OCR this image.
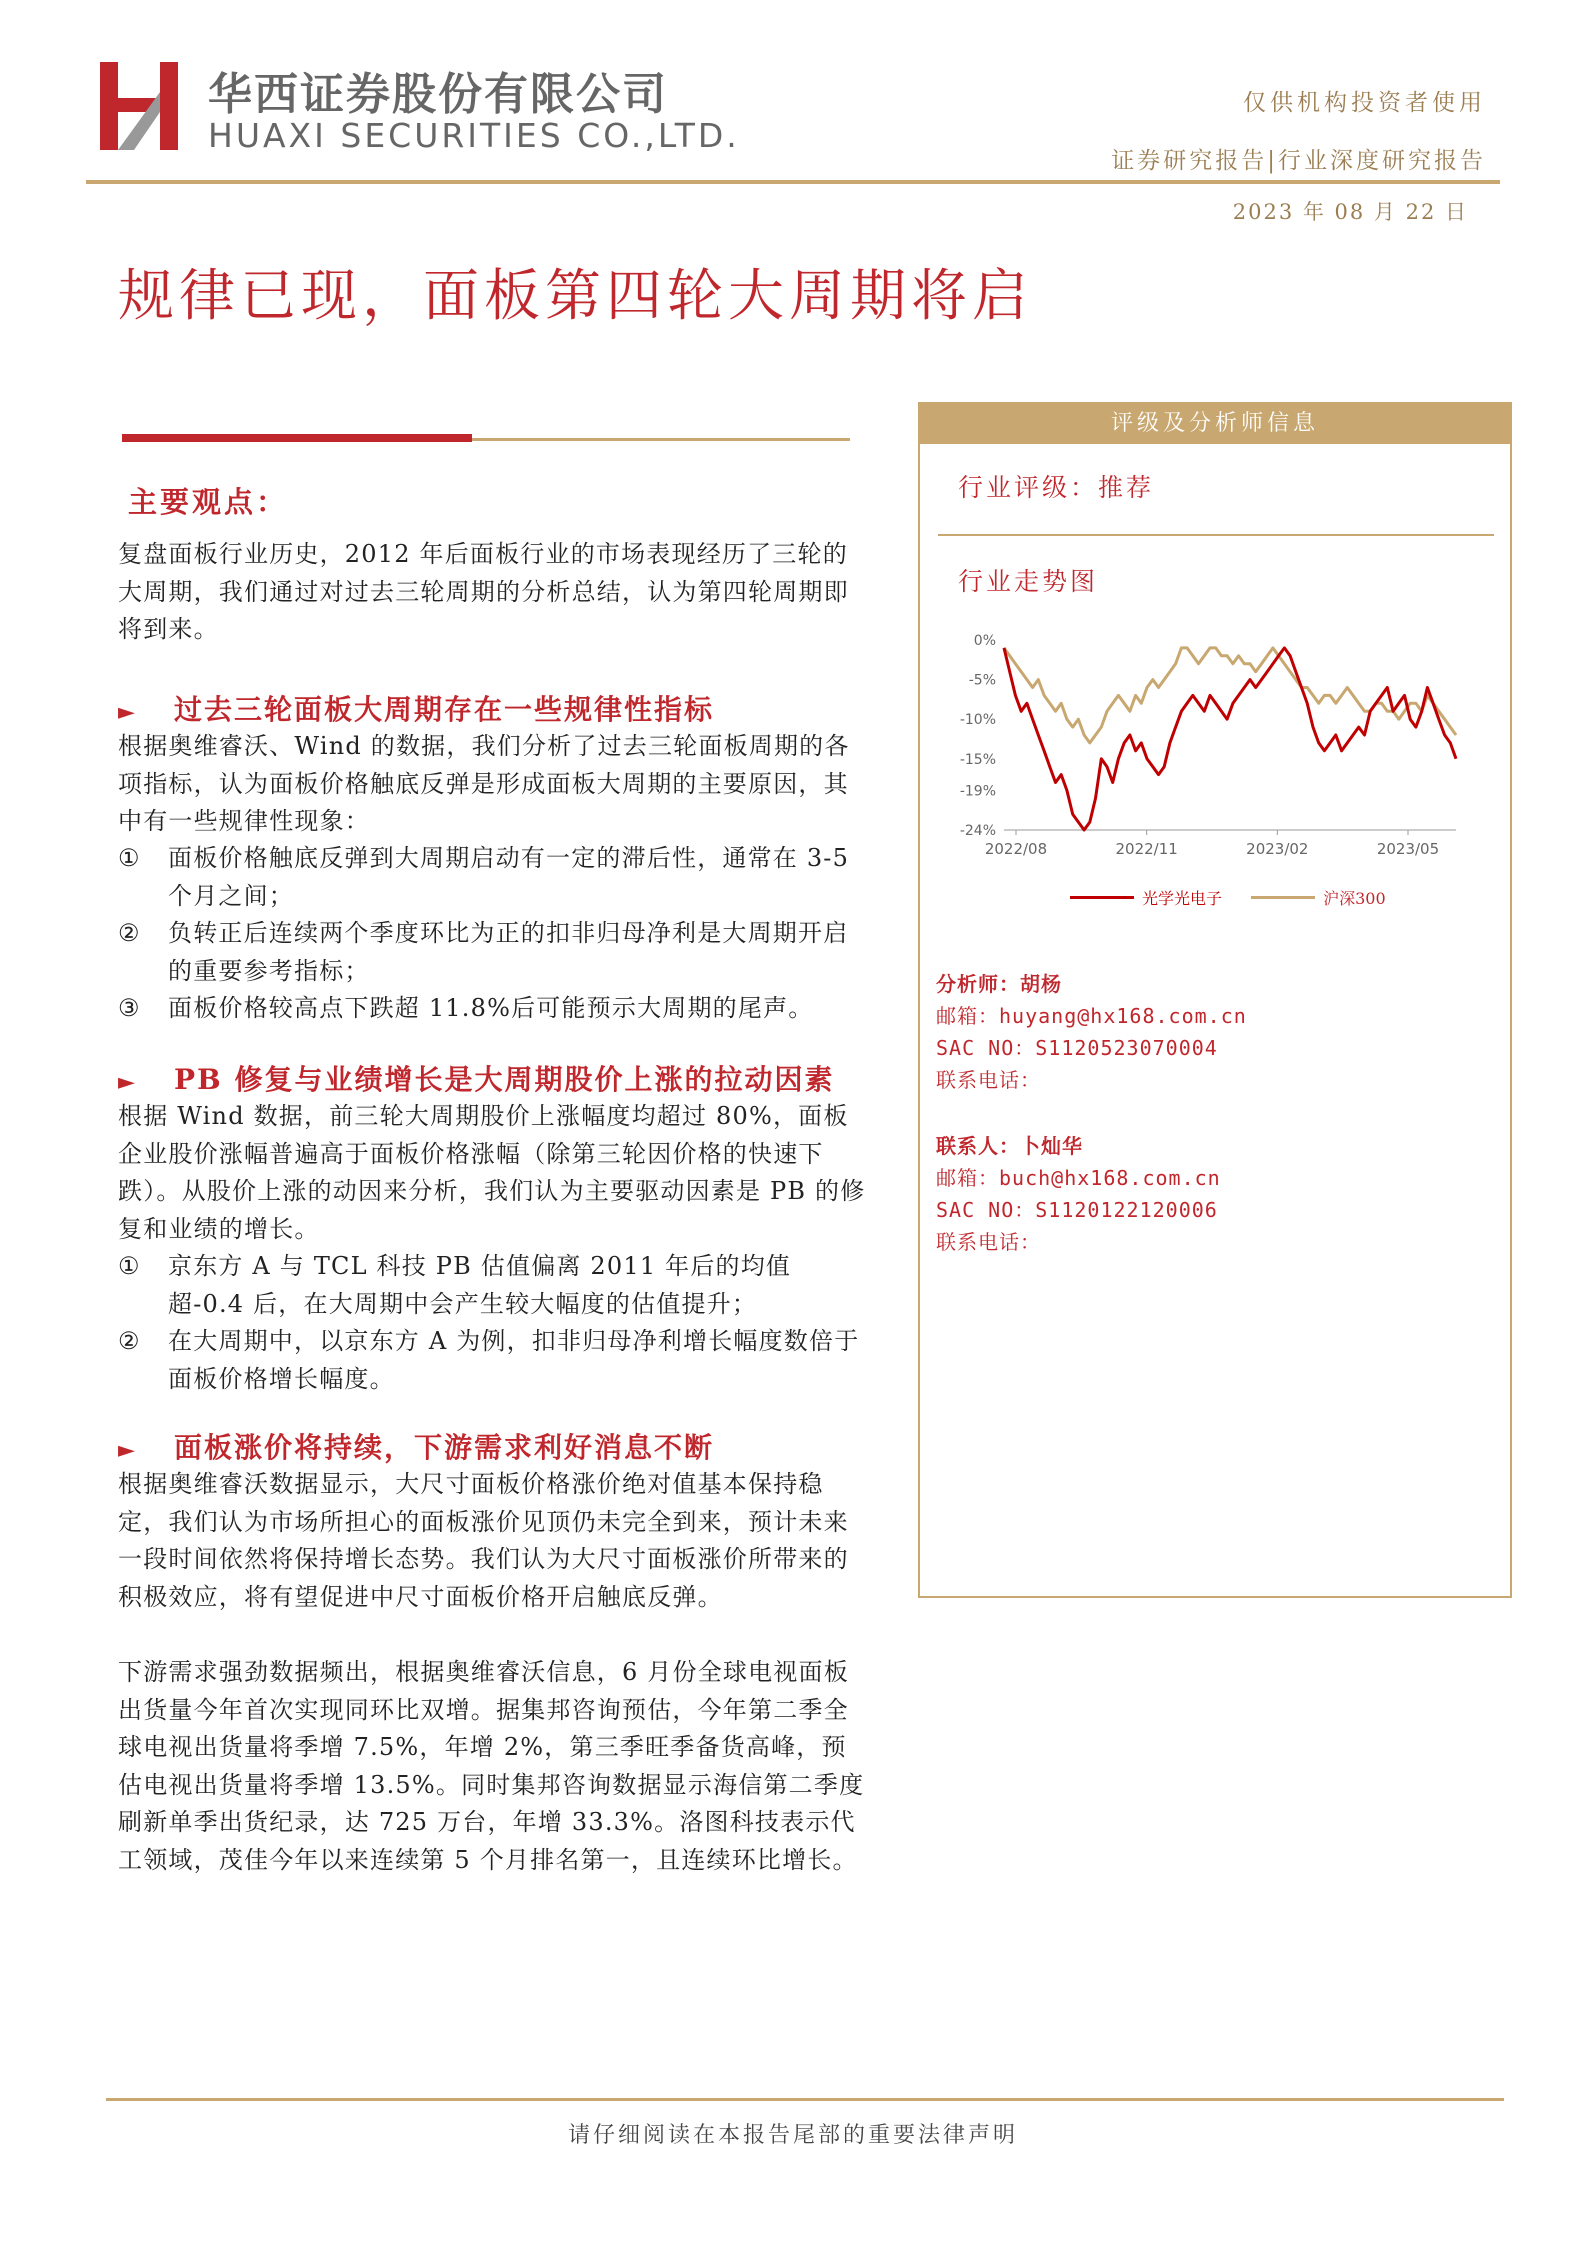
华西证券股份有限公司
HUAXI SECURITIES CO.,LTD.
仅供机构投资者使用
证券研究报告|行业深度研究报告
2023 年 08 月 22 日
规律已现，面板第四轮大周期将启
主要观点：
复盘面板行业历史，2012 年后面板行业的市场表现经历了三轮的大周期，我们通过对过去三轮周期的分析总结，认为第四轮周期即将到来。
► 过去三轮面板大周期存在一些规律性指标
根据奥维睿沃、Wind 的数据，我们分析了过去三轮面板周期的各项指标，认为面板价格触底反弹是形成面板大周期的主要原因，其中有一些规律性现象：
①	面板价格触底反弹到大周期启动有一定的滞后性，通常在 3-5 个月之间；
②	负转正后连续两个季度环比为正的扣非归母净利是大周期开启的重要参考指标；
③	面板价格较高点下跌超 11.8%后可能预示大周期的尾声。
► PB 修复与业绩增长是大周期股价上涨的拉动因素
根据 Wind 数据，前三轮大周期股价上涨幅度均超过 80%，面板企业股价涨幅普遍高于面板价格涨幅（除第三轮因价格的快速下跌）。从股价上涨的动因来分析，我们认为主要驱动因素是 PB 的修复和业绩的增长。
①	京东方 A 与 TCL 科技 PB 估值偏离 2011 年后的均值超-0.4 后，在大周期中会产生较大幅度的估值提升；
②	在大周期中，以京东方 A 为例，扣非归母净利增长幅度数倍于面板价格增长幅度。
► 面板涨价将持续，下游需求利好消息不断
根据奥维睿沃数据显示，大尺寸面板价格涨价绝对值基本保持稳定，我们认为市场所担心的面板涨价见顶仍未完全到来，预计未来一段时间依然将保持增长态势。我们认为大尺寸面板涨价所带来的积极效应，将有望促进中尺寸面板价格开启触底反弹。
下游需求强劲数据频出，根据奥维睿沃信息，6 月份全球电视面板出货量今年首次实现同环比双增。据集邦咨询预估，今年第二季全球电视出货量将季增 7.5%，年增 2%，第三季旺季备货高峰，预估电视出货量将季增 13.5%。同时集邦咨询数据显示海信第二季度刷新单季出货纪录，达 725 万台，年增 33.3%。洛图科技表示代工领域，茂佳今年以来连续第 5 个月排名第一，且连续环比增长。
评级及分析师信息
行业评级：推荐
行业走势图
0%
-5%
-10%
-15%
-19%
-24%
2022/08	2022/11	2023/02	2023/05
光学光电子	沪深300
分析师：胡杨
邮箱：huyang@hx168.com.cn
SAC NO：S1120523070004
联系电话：
联系人：卜灿华
邮箱：buch@hx168.com.cn
SAC NO：S1120122120006
联系电话：
请仔细阅读在本报告尾部的重要法律声明
